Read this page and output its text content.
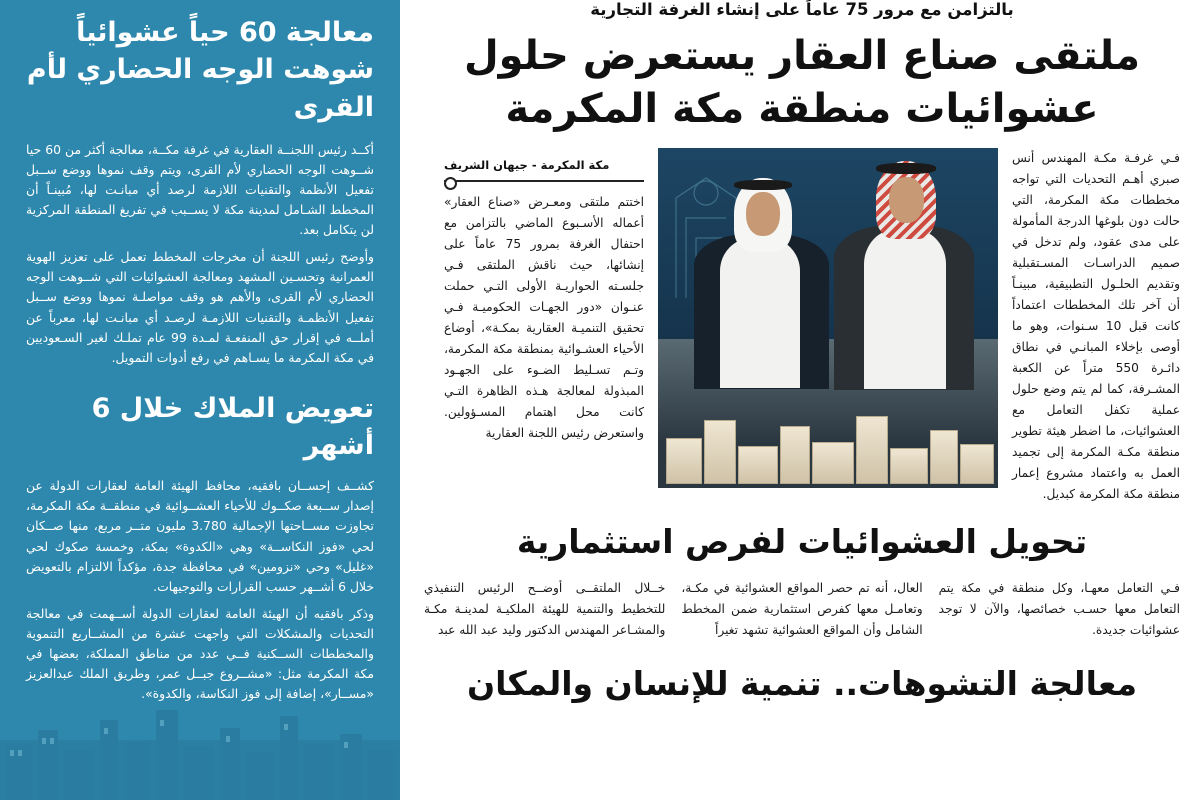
معالجة 60 حياً عشوائياً شوهت الوجه الحضاري لأم القرى

أكــد رئيس اللجنــة العقارية في غرفة مكــة، معالجة أكثر من 60 حيا شــوهت الوجه الحضاري لأم القرى، ويتم وقف نموها ووضع ســبل تفعيل الأنظمة والتقنيات اللازمة لرصد أي مبانـت لها، مُبينـاً أن المخطط الشـامل لمدينة مكة لا يســبب في تفريغ المنطقة المركزية لن يتكامل بعد.

وأوضح رئيس اللجنة أن مخرجات المخطط تعمل على تعزيز الهوية العمرانية وتحسـين المشهد ومعالجة العشوائيات التي شــوهت الوجه الحضاري لأم القرى، والأهم هو وقف مواصلـة نموها ووضع ســبل تفعيل الأنظمـة والتقنيات اللازمـة لرصـد أي مبانـت لها، معرباً عن أملــه في إقرار حق المنفعـة لمـدة 99 عام تملـك لغير السـعوديين في مكة المكرمة ما يسـاهم في رفع أدوات التمويل.

تعويض الملاك خلال 6 أشهر

كشــف إحســان بافقيه، محافظ الهيئة العامة لعقارات الدولة عن إصدار ســبعة صكــوك للأحياء العشــوائية في منطقــة مكة المكرمة، تجاوزت مســاحتها الإجمالية 3.780 مليون متــر مربع، منها صــكان لحي «فوز النكاســة» وهي «الكدوة» بمكة، وخمسة صكوك لحي «غليل» وحي «نزومين» في محافظة جدة، مؤكداً الالتزام بالتعويض خلال 6 أشــهر حسب القرارات والتوجيهات.

وذكر بافقيه أن الهيئة العامة لعقارات الدولة أســهمت في معالجة التحديات والمشكلات التي واجهت عشرة من المشــاريع التنموية والمخططات الســكنية فــي عدد من مناطق المملكة، بعضها في مكة المكرمة مثل: «مشــروع جبــل عمر، وطريق الملك عبدالعزيز «مســار»، إضافة إلى فوز النكاسة، والكدوة».

بالتزامن مع مرور 75 عاماً على إنشاء الغرفة التجارية
ملتقى صناع العقار يستعرض حلول عشوائيات منطقة مكة المكرمة
فـي غرفـة مكـة المهندس أنس صبري أهـم التحديات التي تواجه مخططات مكة المكرمة، التي حالت دون بلوغها الدرجة المأمولة على مدى عقود، ولم تدخل في صميم الدراسـات المسـتقبلية وتقديم الحلـول التطبيقية، مبينـاً أن آخر تلك المخططات اعتماداً كانت قبل 10 سـنوات، وهو ما أوصى بإخلاء المبانـي في نطاق دائـرة 550 متراً عن الكعبة المشـرفة، كما لم يتم وضع حلول عملية تكفل التعامل مع العشوائيات، ما اضطر هيئة تطوير منطقة مكـة المكرمة إلى تجميد العمل به واعتماد مشروع إعمار منطقة مكة المكرمة كبديل.
مكة المكرمة - جيهان الشريف
اختتم ملتقى ومعـرض «صناع العقار» أعماله الأسـبوع الماضي بالتزامن مع احتفال الغرفة بمرور 75 عاماً على إنشائها، حيث ناقش الملتقى فـي جلسـته الحواريـة الأولى التـي حملت عنـوان «دور الجهـات الحكوميـة فـي تحقيق التنميـة العقارية بمكـة»، أوضاع الأحياء العشـوائية بمنطقة مكة المكرمة، وتـم تسـليط الضـوء على الجهـود المبذولة لمعالجة هـذه الظاهرة التـي كانت محل اهتمام المسـؤولين. واستعرض رئيس اللجنة العقارية
تحويل العشوائيات لفرص استثمارية
فـي التعامل معهـا، وكل منطقة في مكة يتم التعامل معها حسـب خصائصها، والآن لا توجد عشوائيات جديدة.
العال، أنه تم حصر المواقع العشوائية في مكـة، وتعامـل معها كفرص استثمارية ضمن المخطط الشامل وأن المواقع العشوائية تشهد تغيراً
خــلال الملتقــى أوضــح الرئيس التنفيذي للتخطيط والتنمية للهيئة الملكيـة لمدينـة مكـة والمشـاعر المهندس الدكتور وليد عبد الله عبد
معالجة التشوهات.. تنمية للإنسان والمكان
